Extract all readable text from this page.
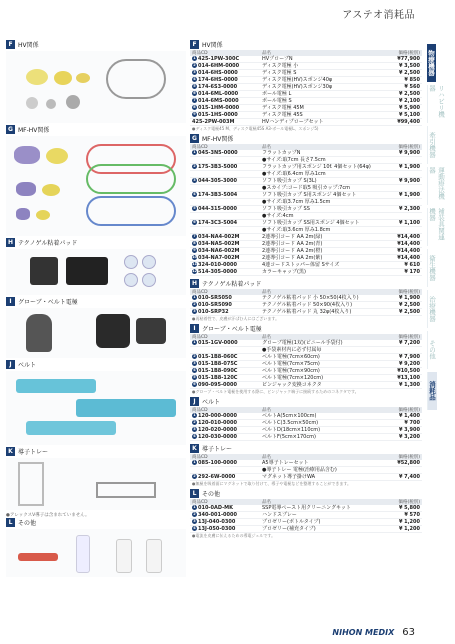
アステオ消耗品
F HV関係
G MF-HV関係
H テクノゲル粘着パッド
I	グローブ・ベルト電極
J	ベルト
K 導子トレー
●アレックスV導子は含まれていません。
L その他
F HV関係
商品CD	品名	価格(税別)
1 425-1PW-300C	HVプローブN	¥77,900
2 014-6HM-0000	ディスク電極 小	¥ 3,500
3 014-6HS-0000	ディスク電極 S	¥ 2,500
4 174-6HS-0000	ディスク電極(HV)スポンジ40φ	¥ 850
5 174-6S3-0000	ディスク電極(HV)スポンジ30φ	¥ 560
6 014-6ML-0000	ボール電極 L	¥ 2,500
7 014-6MS-0000	ボール電極 S	¥ 2,100
8 015-1HM-0000	ディスク電極 45M	¥ 5,900
9 015-1HS-0000	ディスク電極 45S	¥ 5,100
425-2PW-003M	HVハンディプローブセット	¥99,400
●ディスク電極45 M、ディスク電極45S A3-ボール電極L、スポンジ5)
G MF-HV関係
商品CD	品名	価格(税別)
1 045-3N5-0000	フラットカップN	¥ 9,900
	●サイズ:取7cm 長さ7.5cm	
2 175-3B3-5000	フラットカップ用スポンジ 10f. 4個セット(64φ)	¥ 1,900
	●サイズ:取6.4cm 厚み1cm	
3 044-305-3000	ソフト吸引カップ S(3L)	¥ 9,900
	●スカイプ:コード取5 吸引カップ:7cm	
4 174-3B3-5004	ソフト吸引カップ S用スポンジ 4個セット	¥ 1,900
	●サイズ:取3.7cm 厚み1.5cm	
5 044-315-0000	ソフト吸引カップ SS	¥ 2,300
	●サイズ:4cm	
6 174-3C3-5004	ソフト吸引カップ SS用スポンジ 4個セット	¥ 1,100
	●サイズ:取3.6cm 厚み1.8cm	
7 034-NA4-002M	2連導引コード AA 2m(緑)	¥14,400
8 034-NA5-002M	2連導引コード AA 2m(青)	¥14,400
9 034-NA6-002M	2連導引コード AA 2m(橙)	¥14,400
10034-NA7-002M	2連導引コード AA 2m(紫)	¥14,400
11324-010-0000	4連コードストッパー体留 Sサイズ	¥ 610
12514-305-0000	カラーキャップ(黒)	¥ 170
H テクノゲル粘着パッド
商品CD	品名	価格(税別)
1 010-SR5050	テクノゲル粘着パッド 小 50×50(4枚入り)	¥ 1,900
2 010-SR5090	テクノゲル粘着パッド 50×90(4枚入り)	¥ 2,500
3 010-SRP32	テクノゲル粘着パッド 丸 32φ(4枚入り)	¥ 2,500
●再粘着性で、皮膚が汗ばむ人にはございます。
I	グローブ・ベルト電極
商品CD	品名	価格(税別)
1 015-1GV-0000	グローブ電極(1双)(ビニール手袋付)	¥ 7,200
	●手袋素材内に必ず付属毎	
2 015-1B8-060C	ベルト電極(7cm×60cm)	¥ 7,900
3 015-1B8-075C	ベルト電極(7cm×75cm)	¥ 9,200
4 015-1B8-090C	ベルト電極(7cm×90cm)	¥10,500
5 015-1B8-120C	ベルト電極(7cm×120cm)	¥13,100
6 090-095-0000	ピンジャック変換コネクタ	¥ 1,300
●グローブ・ベルト電極を使用する際に、ピンジャック端子に接続するためのコネクタです。
J	ベルト
商品CD	品名	価格(税別)
1 120-000-0000	ベルトA(5cm×100cm)	¥ 1,400
2 120-010-0000	ベルトC(3.5cm×50cm)	¥ 700
3 120-020-0000	ベルトD(18cm×110cm)	¥ 3,900
4 120-030-0000	ベルトF(5cm×170cm)	¥ 3,200
K 導子トレー
商品CD	品名	価格(税別)
1 085-100-0000	A5導子トレーセット	¥52,800
	●導子トレー 電極(治療用品含む)	
2 292-6W-0000	マグネット導子掛けWA	¥ 7,400
●無極を吸着面にマグネットで取り付けて、導子や電極などを整理することができます。
L その他
商品CD	品名	価格(税別)
1 010-0AD-MK	SSP電導ペースト用クリーニングキット	¥ 5,800
2 340-001-0000	ハンドスプレー	¥ 570
3 13J-040-0300	プロゼリー(ボトルタイプ)	¥ 1,200
4 13J-050-0300	プロゼリー(補充タイプ)	¥ 1,200
●電流を皮膚に伝えるための導電ジェルです。
物療機器
リハビリ機器
牽引機器
運動療法機器
補装具関連機器
衛生機器
治療機器
その他
消耗品
NIHON MEDIX 63
